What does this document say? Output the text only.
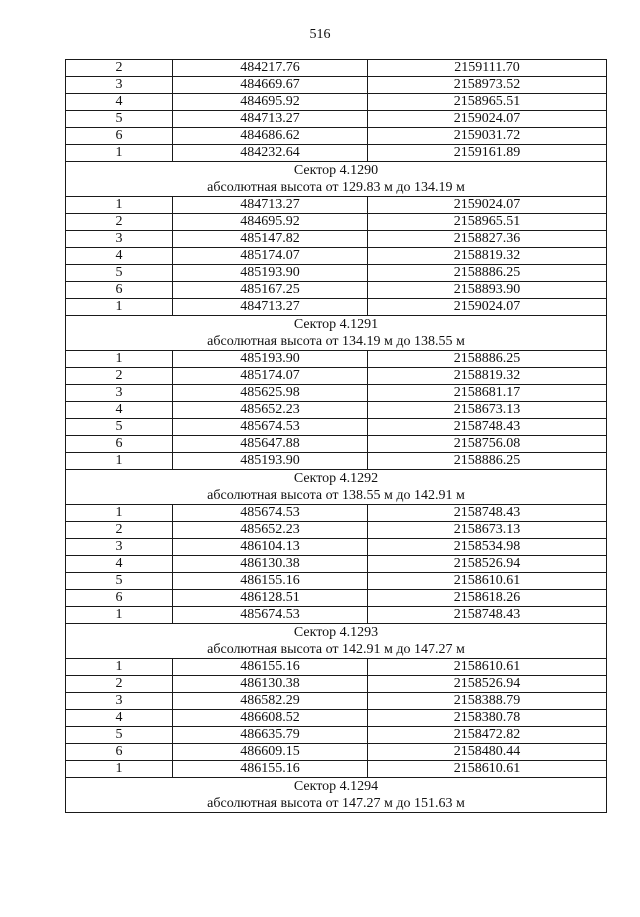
516
2	484217.76	2159111.70
3	484669.67	2158973.52
4	484695.92	2158965.51
5	484713.27	2159024.07
6	484686.62	2159031.72
1	484232.64	2159161.89

Сектор 4.1290
абсолютная высота от 129.83 м до 134.19 м		

1	484713.27	2159024.07
2	484695.92	2158965.51
3	485147.82	2158827.36
4	485174.07	2158819.32
5	485193.90	2158886.25
6	485167.25	2158893.90
1	484713.27	2159024.07

Сектор 4.1291
абсолютная высота от 134.19 м до 138.55 м		

1	485193.90	2158886.25
2	485174.07	2158819.32
3	485625.98	2158681.17
4	485652.23	2158673.13
5	485674.53	2158748.43
6	485647.88	2158756.08
1	485193.90	2158886.25

Сектор 4.1292
абсолютная высота от 138.55 м до 142.91 м		

1	485674.53	2158748.43
2	485652.23	2158673.13
3	486104.13	2158534.98
4	486130.38	2158526.94
5	486155.16	2158610.61
6	486128.51	2158618.26
1	485674.53	2158748.43

Сектор 4.1293
абсолютная высота от 142.91 м до 147.27 м		

1	486155.16	2158610.61
2	486130.38	2158526.94
3	486582.29	2158388.79
4	486608.52	2158380.78
5	486635.79	2158472.82
6	486609.15	2158480.44
1	486155.16	2158610.61

Сектор 4.1294
абсолютная высота от 147.27 м до 151.63 м		
